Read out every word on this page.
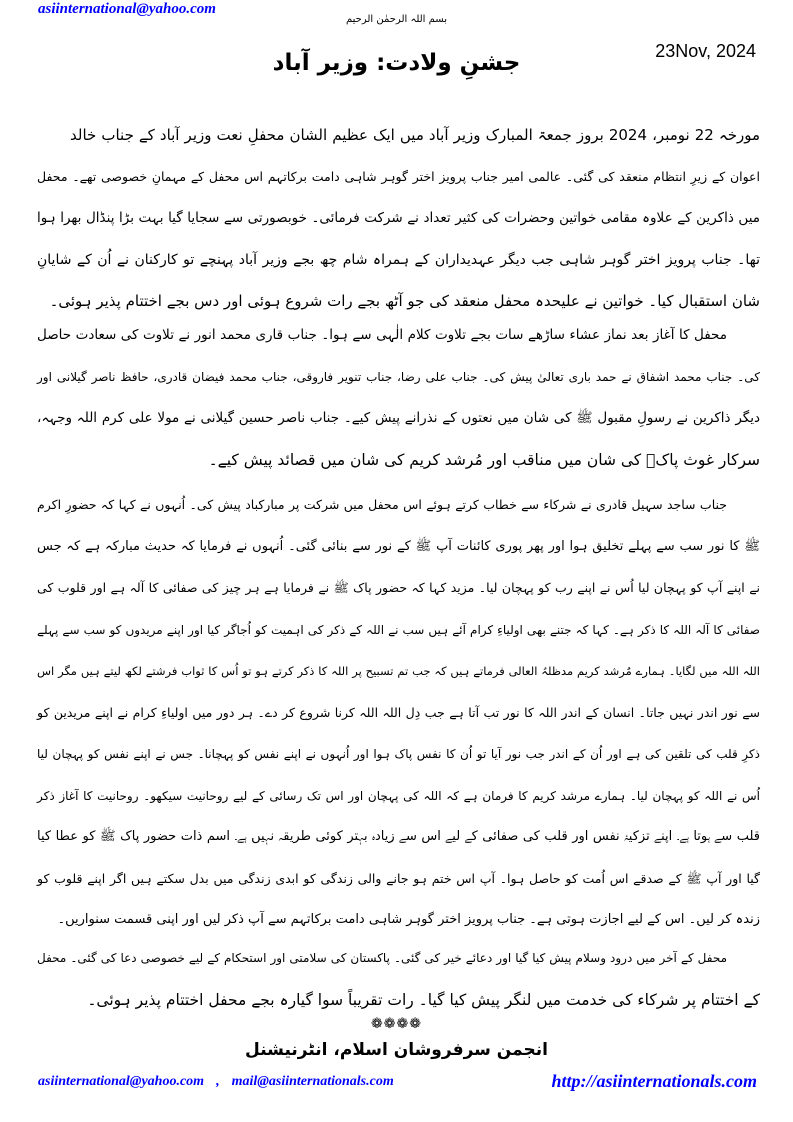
asiinternational@yahoo.com
بسم اللہ الرحمٰن الرحیم
23Nov, 2024
جشنِ ولادت: وزیر آباد
مورخہ 22 نومبر، 2024 بروز جمعۃ المبارک وزیر آباد میں ایک عظیم الشان محفلِ نعت وزیر آباد کے جناب خالد
اعوان کے زیرِ انتظام منعقد کی گئی۔ عالمی امیر جناب پرویز اختر گوہر شاہی دامت برکاتہم اس محفل کے مہمانِ خصوصی تھے۔ محفل
میں ذاکرین کے علاوہ مقامی خواتین وحضرات کی کثیر تعداد نے شرکت فرمائی۔ خوبصورتی سے سجایا گیا بہت بڑا پنڈال بھرا ہوا
تھا۔ جناب پرویز اختر گوہر شاہی جب دیگر عہدیداران کے ہمراہ شام چھ بجے وزیر آباد پہنچے تو کارکنان نے اُن کے شایانِ
شان استقبال کیا۔ خواتین نے علیحدہ محفل منعقد کی جو آٹھ بجے رات شروع ہوئی اور دس بجے اختتام پذیر ہوئی۔
محفل کا آغاز بعد نماز عشاء ساڑھے سات بجے تلاوت کلام الٰہی سے ہوا۔ جناب قاری محمد انور نے تلاوت کی سعادت حاصل
کی۔ جناب محمد اشفاق نے حمد باری تعالیٰ پیش کی۔ جناب علی رضا، جناب تنویر فاروقی، جناب محمد فیضان قادری، حافظ ناصر گیلانی اور
دیگر ذاکرین نے رسولِ مقبول ﷺ کی شان میں نعتوں کے نذرانے پیش کیے۔ جناب ناصر حسین گیلانی نے مولا علی کرم اللہ وجہہ،
سرکار غوث پاکؓ کی شان میں مناقب اور مُرشد کریم کی شان میں قصائد پیش کیے۔
جناب ساجد سہیل قادری نے شرکاء سے خطاب کرتے ہوئے اس محفل میں شرکت پر مبارکباد پیش کی۔ اُنہوں نے کہا کہ حضورِ اکرم
ﷺ کا نور سب سے پہلے تخلیق ہوا اور پھر پوری کائنات آپ ﷺ کے نور سے بنائی گئی۔ اُنہوں نے فرمایا کہ حدیث مبارکہ ہے کہ جس
نے اپنے آپ کو پہچان لیا اُس نے اپنے رب کو پہچان لیا۔ مزید کہا کہ حضور پاک ﷺ نے فرمایا ہے ہر چیز کی صفائی کا آلہ ہے اور قلوب کی
صفائی کا آلہ اللہ کا ذکر ہے۔ کہا کہ جتنے بھی اولیاءِ کرام آئے ہیں سب نے اللہ کے ذکر کی اہمیت کو اُجاگر کیا اور اپنے مریدوں کو سب سے پہلے
اللہ اللہ میں لگایا۔ ہمارے مُرشد کریم مدظلہُ العالی فرماتے ہیں کہ جب تم تسبیح پر اللہ کا ذکر کرتے ہو تو اُس کا ثواب فرشتے لکھ لیتے ہیں مگر اس
سے نور اندر نہیں جاتا۔ انسان کے اندر اللہ کا نور تب آتا ہے جب دِل اللہ اللہ کرنا شروع کر دے۔ ہر دور میں اولیاءِ کرام نے اپنے مریدین کو
ذکرِ قلب کی تلقین کی ہے اور اُن کے اندر جب نور آیا تو اُن کا نفس پاک ہوا اور اُنہوں نے اپنے نفس کو پہچانا۔ جس نے اپنے نفس کو پہچان لیا
اُس نے اللہ کو پہچان لیا۔ ہمارے مرشد کریم کا فرمان ہے کہ اللہ کی پہچان اور اس تک رسائی کے لیے روحانیت سیکھو۔ روحانیت کا آغاز ذکر
قلب سے ہوتا ہے۔ اپنے تزکیۂ نفس اور قلب کی صفائی کے لیے اس سے زیادہ بہتر کوئی طریقہ نہیں ہے۔ اسم ذات حضور پاک ﷺ کو عطا کیا
گیا اور آپ ﷺ کے صدقے اس اُمت کو حاصل ہوا۔ آپ اس ختم ہو جانے والی زندگی کو ابدی زندگی میں بدل سکتے ہیں اگر اپنے قلوب کو
زندہ کر لیں۔ اس کے لیے اجازت ہوتی ہے۔ جناب پرویز اختر گوہر شاہی دامت برکاتہم سے آپ ذکر لیں اور اپنی قسمت سنواریں۔
محفل کے آخر میں درود وسلام پیش کیا گیا اور دعائے خیر کی گئی۔ پاکستان کی سلامتی اور استحکام کے لیے خصوصی دعا کی گئی۔ محفل
کے اختتام پر شرکاء کی خدمت میں لنگر پیش کیا گیا۔ رات تقریباً سوا گیارہ بجے محفل اختتام پذیر ہوئی۔
❁❁❁❁
انجمن سرفروشان اسلام، انٹرنیشنل
asiinternational@yahoo.com , mail@asiinternationals.com	http://asiinternationals.com
